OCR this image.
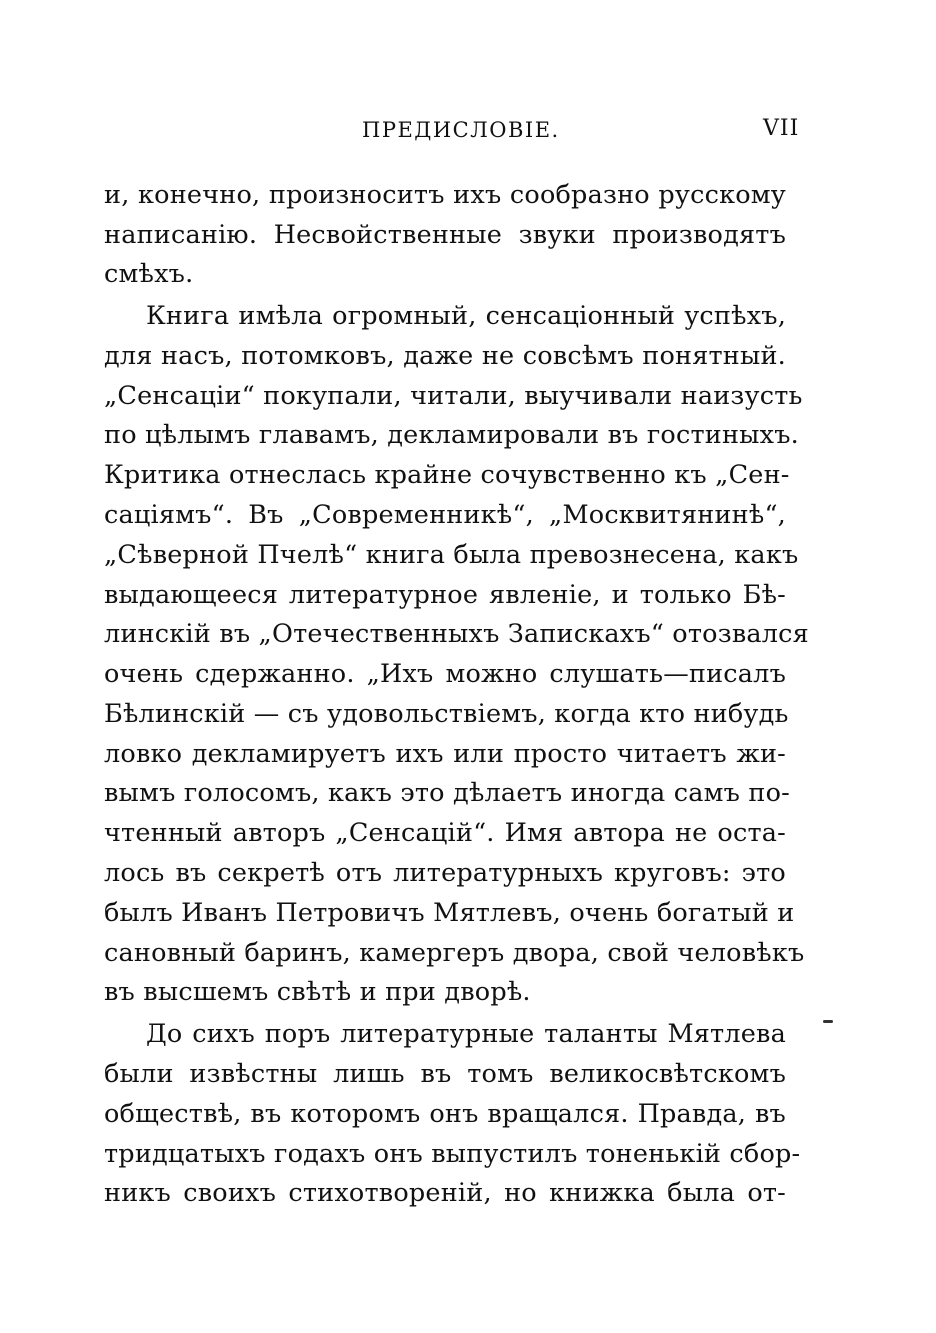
ПРЕДИСЛОВІЕ.	VII
и, конечно, произноситъ ихъ сообразно русскому
написанію. Несвойственные звуки производятъ
смѣхъ.
Книга имѣла огромный, сенсаціонный успѣхъ,
для насъ, потомковъ, даже не совсѣмъ понятный.
„Сенсаціи“ покупали, читали, выучивали наизусть
по цѣлымъ главамъ, декламировали въ гостиныхъ.
Критика отнеслась крайне сочувственно къ „Сен-
саціямъ“. Въ „Современникѣ“, „Москвитянинѣ“,
„Сѣверной Пчелѣ“ книга была превознесена, какъ
выдающееся литературное явленіе, и только Бѣ-
линскій въ „Отечественныхъ Запискахъ“ отозвался
очень сдержанно. „Ихъ можно слушать—писалъ
Бѣлинскій — съ удовольствіемъ, когда кто нибудь
ловко декламируетъ ихъ или просто читаетъ жи-
вымъ голосомъ, какъ это дѣлаетъ иногда самъ по-
чтенный авторъ „Сенсацій“. Имя автора не оста-
лось въ секретѣ отъ литературныхъ круговъ: это
былъ Иванъ Петровичъ Мятлевъ, очень богатый и
сановный баринъ, камергеръ двора, свой человѣкъ
въ высшемъ свѣтѣ и при дворѣ.
До сихъ поръ литературные таланты Мятлева
были извѣстны лишь въ томъ великосвѣтскомъ
обществѣ, въ которомъ онъ вращался. Правда, въ
тридцатыхъ годахъ онъ выпустилъ тоненькій сбор-
никъ своихъ стихотвореній, но книжка была от-
